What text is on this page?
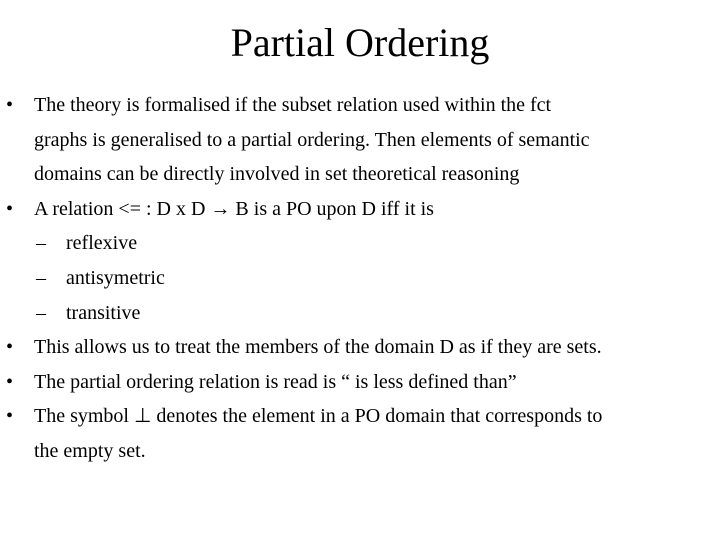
Partial Ordering
• The theory is formalised if the subset relation used within the fct
graphs is generalised to a partial ordering. Then elements of semantic
domains can be directly involved in set theoretical reasoning
• A relation <= : D x D → B is a PO upon D iff it is
– reflexive
– antisymetric
– transitive
• This allows us to treat the members of the domain D as if they are sets.
• The partial ordering relation is read is “ is less defined than”
• The symbol ⊥ denotes the element in a PO domain that corresponds to
the empty set.
